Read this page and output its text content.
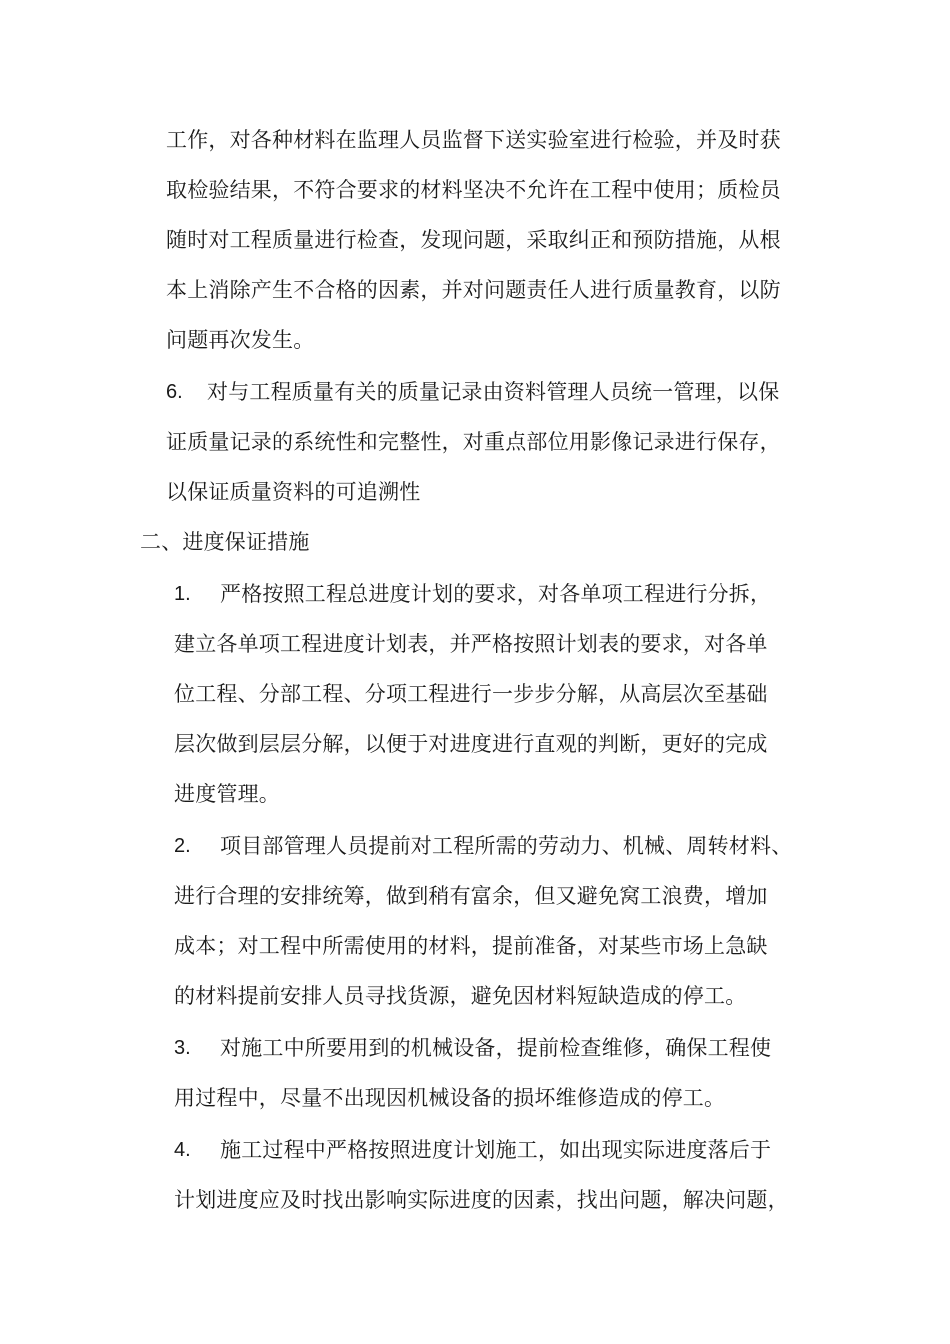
工作，对各种材料在监理人员监督下送实验室进行检验，并及时获
取检验结果，不符合要求的材料坚决不允许在工程中使用；质检员
随时对工程质量进行检查，发现问题，采取纠正和预防措施，从根
本上消除产生不合格的因素，并对问题责任人进行质量教育，以防
问题再次发生。
6. 对与工程质量有关的质量记录由资料管理人员统一管理，以保
证质量记录的系统性和完整性，对重点部位用影像记录进行保存，
以保证质量资料的可追溯性
二、进度保证措施
1. 严格按照工程总进度计划的要求，对各单项工程进行分拆，
建立各单项工程进度计划表，并严格按照计划表的要求，对各单
位工程、分部工程、分项工程进行一步步分解，从高层次至基础
层次做到层层分解，以便于对进度进行直观的判断，更好的完成
进度管理。
2. 项目部管理人员提前对工程所需的劳动力、机械、周转材料、
进行合理的安排统筹，做到稍有富余，但又避免窝工浪费，增加
成本；对工程中所需使用的材料，提前准备，对某些市场上急缺
的材料提前安排人员寻找货源，避免因材料短缺造成的停工。
3. 对施工中所要用到的机械设备，提前检查维修，确保工程使
用过程中，尽量不出现因机械设备的损坏维修造成的停工。
4. 施工过程中严格按照进度计划施工，如出现实际进度落后于
计划进度应及时找出影响实际进度的因素，找出问题，解决问题，
